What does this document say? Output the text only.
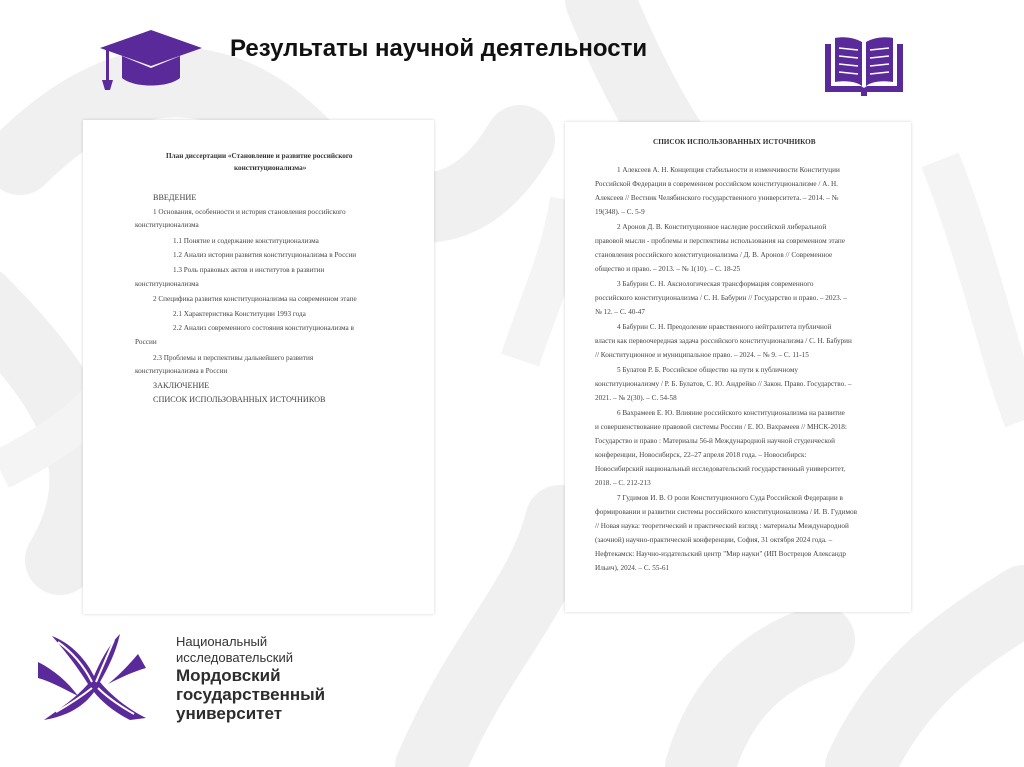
Результаты научной деятельности
План диссертации «Становление и развитие российского
конституционализма»
ВВЕДЕНИЕ
1 Основания, особенности и история становления российского
конституционализма
1.1 Понятие и содержание конституционализма
1.2 Анализ истории развития конституционализма в России
1.3 Роль правовых актов и институтов в развитии
конституционализма
2 Специфика развития конституционализма на современном этапе
2.1 Характеристика Конституции 1993 года
2.2 Анализ современного состояния конституционализма в
России
2.3 Проблемы и перспективы дальнейшего развития
конституционализма в России
ЗАКЛЮЧЕНИЕ
СПИСОК ИСПОЛЬЗОВАННЫХ ИСТОЧНИКОВ
СПИСОК ИСПОЛЬЗОВАННЫХ ИСТОЧНИКОВ
1 Алексеев А. Н. Концепция стабильности и изменчивости Конституции
Российской Федерации в современном российском конституционализме / А. Н.
Алексеев // Вестник Челябинского государственного университета. – 2014. – №
19(348). – С. 5-9
2 Аронов Д. В. Конституционное наследие российской либеральной
правовой мысли - проблемы и перспективы использования на современном этапе
становления российского конституционализма / Д. В. Аронов // Современное
общество и право. – 2013. – № 1(10). – С. 18-25
3 Бабурин С. Н. Аксиологическая трансформация современного
российского конституционализма / С. Н. Бабурин // Государство и право. – 2023. –
№ 12. – С. 40-47
4 Бабурин С. Н. Преодоление нравственного нейтралитета публичной
власти как первоочередная задача российского конституционализма / С. Н. Бабурин
// Конституционное и муниципальное право. – 2024. – № 9. – С. 11-15
5 Булатов Р. Б. Российское общество на пути к публичному
конституционализму / Р. Б. Булатов, С. Ю. Андрейко // Закон. Право. Государство. –
2021. – № 2(30). – С. 54-58
6 Вахрамеев Е. Ю. Влияние российского конституционализма на развитие
и совершенствование правовой системы России / Е. Ю. Вахрамеев // МНСК-2018:
Государство и право : Материалы 56-й Международной научной студенческой
конференции, Новосибирск, 22–27 апреля 2018 года. – Новосибирск:
Новосибирский национальный исследовательский государственный университет,
2018. – С. 212-213
7 Гудимов И. В. О роли Конституционного Суда Российской Федерации в
формировании и развитии системы российского конституционализма / И. В. Гудимов
// Новая наука: теоретический и практический взгляд : материалы Международной
(заочной) научно-практической конференции, София, 31 октября 2024 года. –
Нефтекамск: Научно-издательский центр "Мир науки" (ИП Вострецов Александр
Ильич), 2024. – С. 55-61
Национальный
исследовательский
Мордовский
государственный
университет
